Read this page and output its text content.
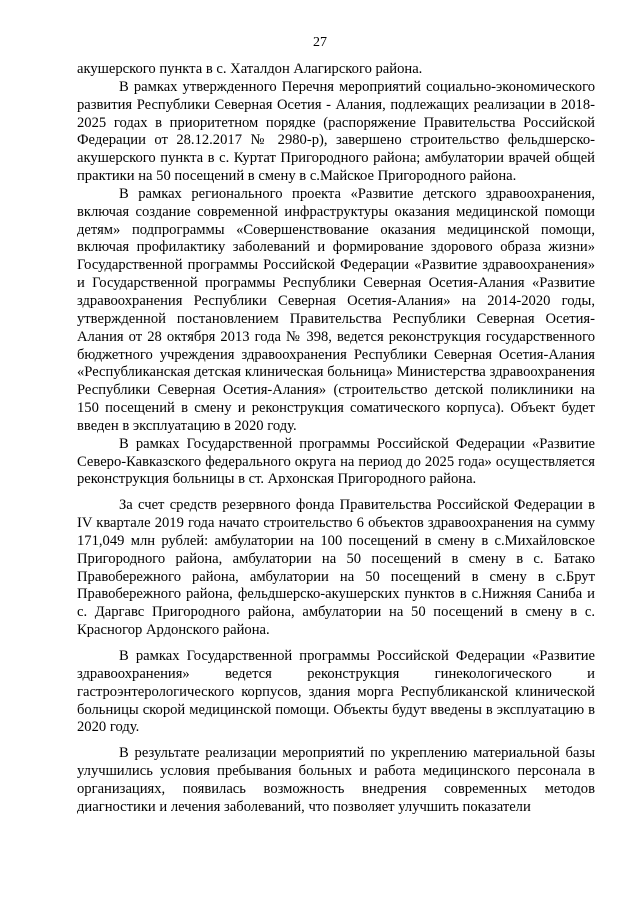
27

акушерского пункта в с. Хаталдон Алагирского района.

В рамках утвержденного Перечня мероприятий социально-экономического развития Республики Северная Осетия - Алания, подлежащих реализации в 2018-2025 годах в приоритетном порядке (распоряжение Правительства Российской Федерации от 28.12.2017 № 2980-р), завершено строительство фельдшерско-акушерского пункта в с. Куртат Пригородного района; амбулатории врачей общей практики на 50 посещений в смену в с.Майское Пригородного района.

В рамках регионального проекта «Развитие детского здравоохранения, включая создание современной инфраструктуры оказания медицинской помощи детям» подпрограммы «Совершенствование оказания медицинской помощи, включая профилактику заболеваний и формирование здорового образа жизни» Государственной программы Российской Федерации «Развитие здравоохранения» и Государственной программы Республики Северная Осетия-Алания «Развитие здравоохранения Республики Северная Осетия-Алания» на 2014-2020 годы, утвержденной постановлением Правительства Республики Северная Осетия-Алания от 28 октября 2013 года № 398, ведется реконструкция государственного бюджетного учреждения здравоохранения Республики Северная Осетия-Алания «Республиканская детская клиническая больница» Министерства здравоохранения Республики Северная Осетия-Алания» (строительство детской поликлиники на 150 посещений в смену и реконструкция соматического корпуса). Объект будет введен в эксплуатацию в 2020 году.

В рамках Государственной программы Российской Федерации «Развитие Северо-Кавказского федерального округа на период до 2025 года» осуществляется реконструкция больницы в ст. Архонская Пригородного района.

За счет средств резервного фонда Правительства Российской Федерации в IV квартале 2019 года начато строительство 6 объектов здравоохранения на сумму 171,049 млн рублей: амбулатории на 100 посещений в смену в с.Михайловское Пригородного района, амбулатории на 50 посещений в смену в с. Батако Правобережного района, амбулатории на 50 посещений в смену в с.Брут Правобережного района, фельдшерско-акушерских пунктов в с.Нижняя Саниба и с. Даргавс Пригородного района, амбулатории на 50 посещений в смену в с. Красногор Ардонского района.

В рамках Государственной программы Российской Федерации «Развитие здравоохранения» ведется реконструкция гинекологического и гастроэнтерологического корпусов, здания морга Республиканской клинической больницы скорой медицинской помощи. Объекты будут введены в эксплуатацию в 2020 году.

В результате реализации мероприятий по укреплению материальной базы улучшились условия пребывания больных и работа медицинского персонала в организациях, появилась возможность внедрения современных методов диагностики и лечения заболеваний, что позволяет улучшить показатели
